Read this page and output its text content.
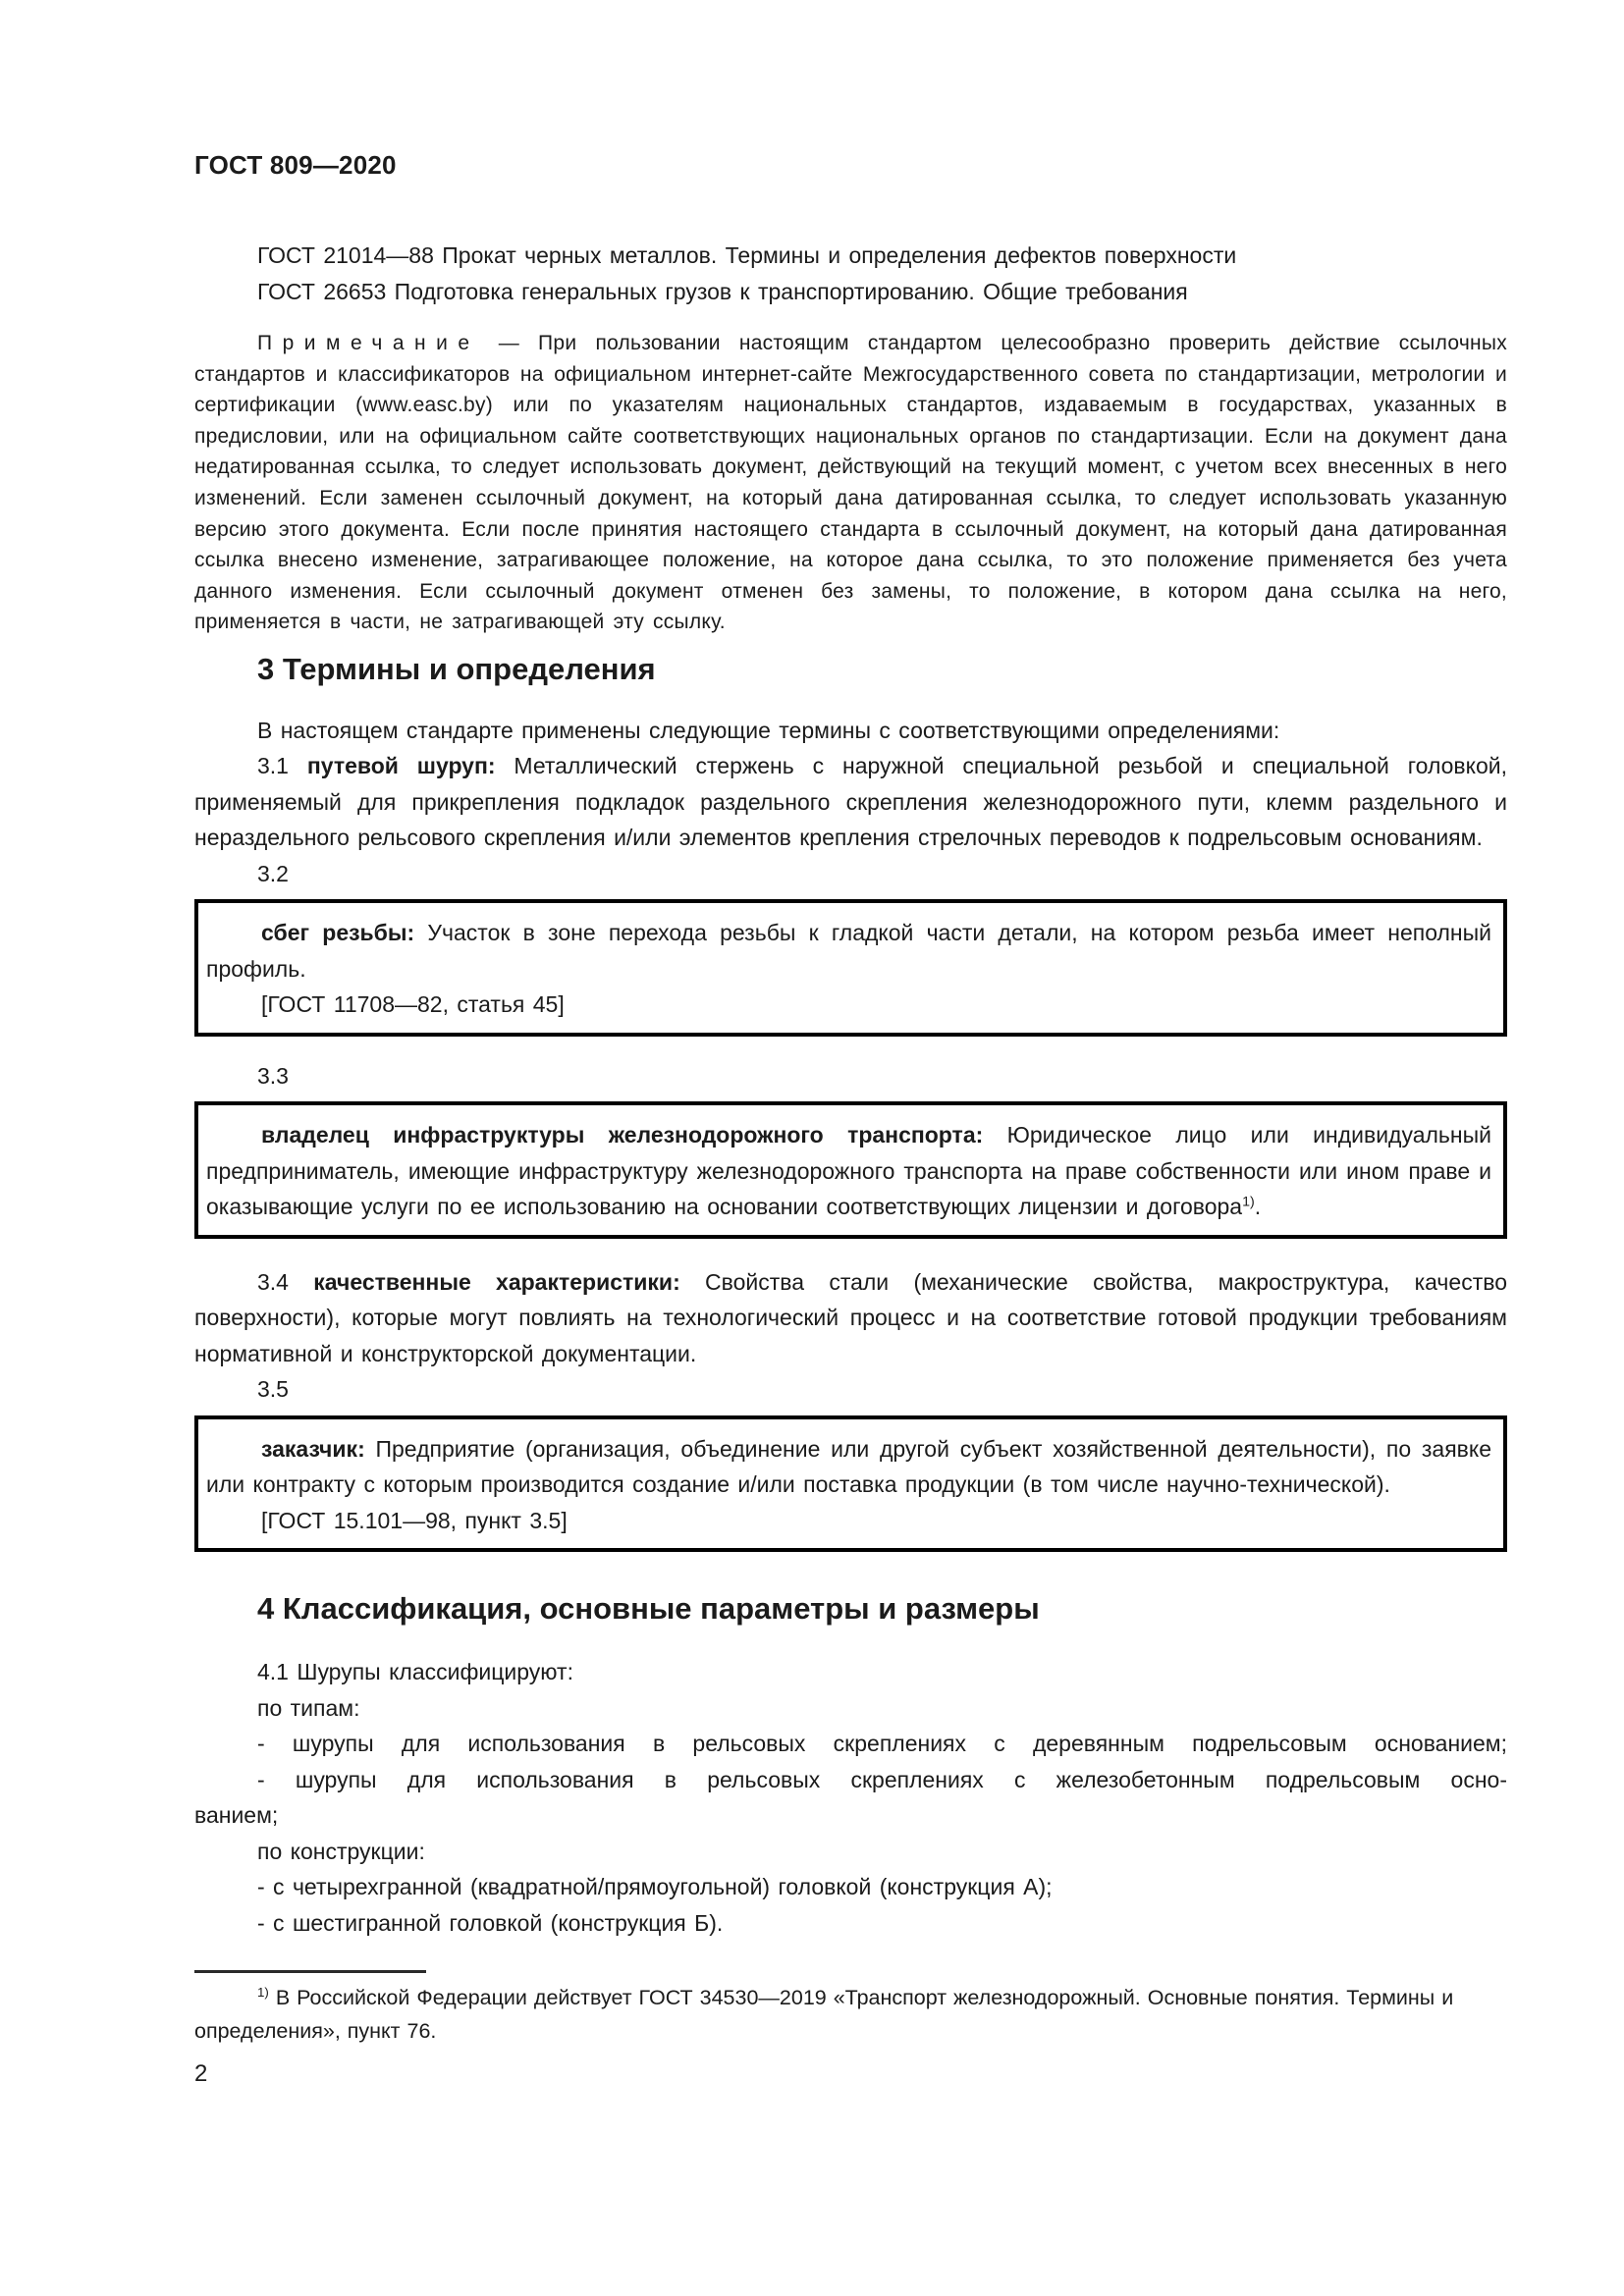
ГОСТ 809—2020

ГОСТ 21014—88 Прокат черных металлов. Термины и определения дефектов поверхности

ГОСТ 26653 Подготовка генеральных грузов к транспортированию. Общие требования

Примечание — При пользовании настоящим стандартом целесообразно проверить действие ссылочных стандартов и классификаторов на официальном интернет-сайте Межгосударственного совета по стандартизации, метрологии и сертификации (www.easc.by) или по указателям национальных стандартов, издаваемым в государствах, указанных в предисловии, или на официальном сайте соответствующих национальных органов по стандартизации. Если на документ дана недатированная ссылка, то следует использовать документ, действующий на текущий момент, с учетом всех внесенных в него изменений. Если заменен ссылочный документ, на который дана датированная ссылка, то следует использовать указанную версию этого документа. Если после принятия настоящего стандарта в ссылочный документ, на который дана датированная ссылка внесено изменение, затрагивающее положение, на которое дана ссылка, то это положение применяется без учета данного изменения. Если ссылочный документ отменен без замены, то положение, в котором дана ссылка на него, применяется в части, не затрагивающей эту ссылку.

3 Термины и определения

В настоящем стандарте применены следующие термины с соответствующими определениями:

3.1 путевой шуруп: Металлический стержень с наружной специальной резьбой и специальной головкой, применяемый для прикрепления подкладок раздельного скрепления железнодорожного пути, клемм раздельного и нераздельного рельсового скрепления и/или элементов крепления стрелочных переводов к подрельсовым основаниям.

3.2

сбег резьбы: Участок в зоне перехода резьбы к гладкой части детали, на котором резьба имеет неполный профиль.

[ГОСТ 11708—82, статья 45]

3.3

владелец инфраструктуры железнодорожного транспорта: Юридическое лицо или индивидуальный предприниматель, имеющие инфраструктуру железнодорожного транспорта на праве собственности или ином праве и оказывающие услуги по ее использованию на основании соответствующих лицензии и договора$^{1)}$.

3.4 качественные характеристики: Свойства стали (механические свойства, макроструктура, качество поверхности), которые могут повлиять на технологический процесс и на соответствие готовой продукции требованиям нормативной и конструкторской документации.

3.5

заказчик: Предприятие (организация, объединение или другой субъект хозяйственной деятельности), по заявке или контракту с которым производится создание и/или поставка продукции (в том числе научно-технической).

[ГОСТ 15.101—98, пункт 3.5]

4 Классификация, основные параметры и размеры

4.1 Шурупы классифицируют:

по типам:

- шурупы для использования в рельсовых скреплениях с деревянным подрельсовым основанием;

- шурупы для использования в рельсовых скреплениях с железобетонным подрельсовым осно-

ванием;

по конструкции:

- с четырехгранной (квадратной/прямоугольной) головкой (конструкция А);

- с шестигранной головкой (конструкция Б).

$^{1)}$ В Российской Федерации действует ГОСТ 34530—2019 «Транспорт железнодорожный. Основные понятия. Термины и определения», пункт 76.

2
